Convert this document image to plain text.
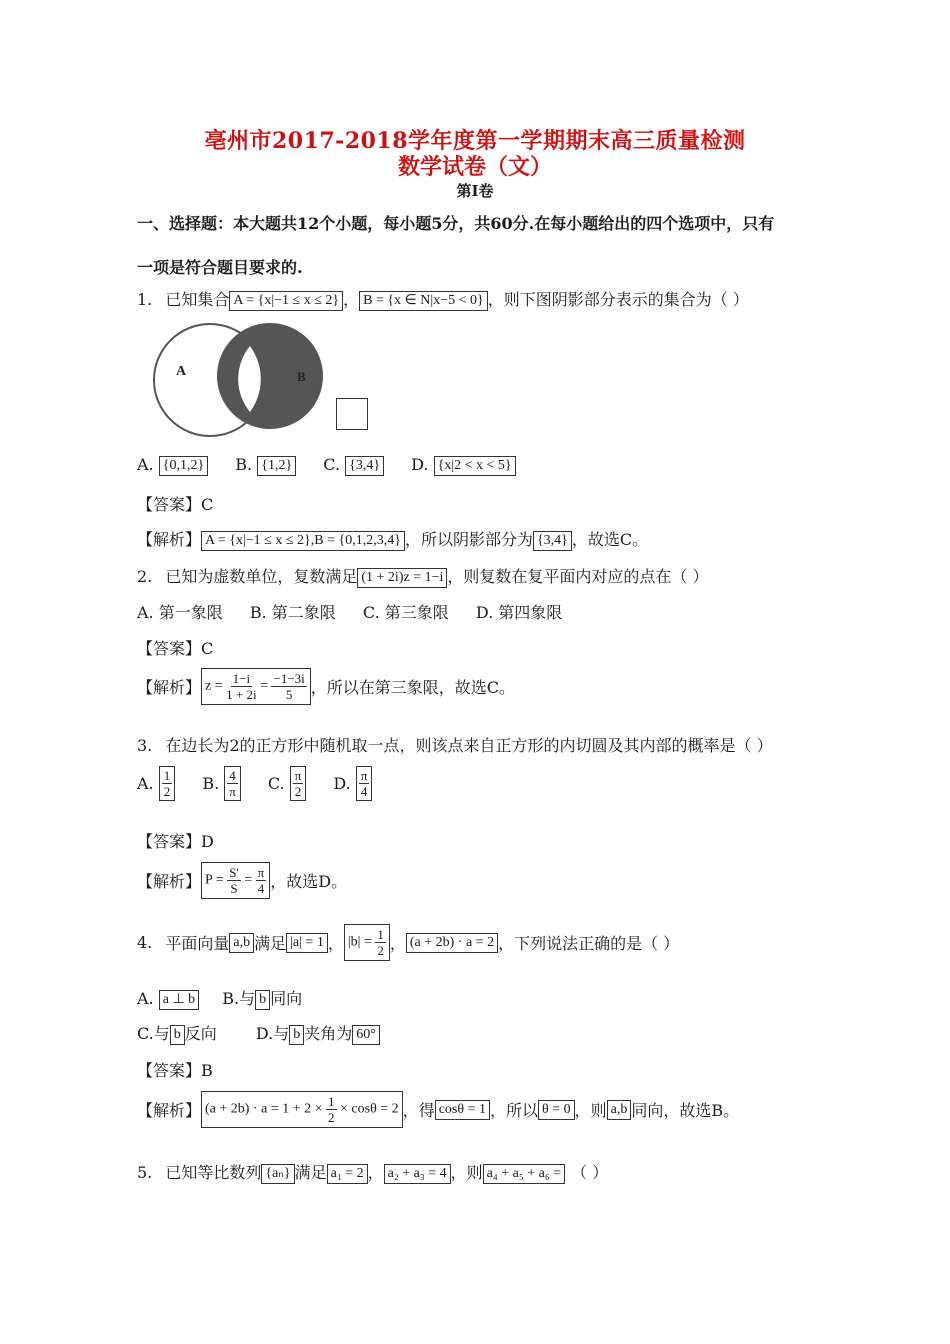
亳州市2017-2018学年度第一学期期末高三质量检测
数学试卷（文）
第I卷
一、选择题：本大题共12个小题，每小题5分，共60分.在每小题给出的四个选项中，只有
一项是符合题目要求的.
1. 已知集合 A = {x|−1 ≤ x ≤ 2} ， B = {x ∈ N|x−5 < 0} ，则下图阴影部分表示的集合为（ ）
A	B
A. {0,1,2} B. {1,2} C. {3,4} D. {x|2 < x < 5}
【答案】C
【解析】 A = {x|−1 ≤ x ≤ 2},B = {0,1,2,3,4} ，所以阴影部分为 {3,4} ，故选C。
2. 已知为虚数单位，复数满足 (1 + 2i)z = 1−i ，则复数在复平面内对应的点在（ ）
A. 第一象限 B. 第二象限 C. 第三象限 D. 第四象限
【答案】C
【解析】 $z = \frac{1-i}{1 + 2i} = \frac{-1-3i}{5}$ ，所以在第三象限，故选C。
3. 在边长为2的正方形中随机取一点，则该点来自正方形的内切圆及其内部的概率是（ ）
A. $\frac{1}{2} B$. $\frac{4}{\pi} C$. $\frac{\pi}{2} D$. $\frac{\pi}{4}$
【答案】D
【解析】 $P = \frac{S'}{S} = \frac{\pi}{4}$ ，故选D。
4. 平面向量 a,b 满足 |a| = 1 ， $|b| = \frac{1}{2}$ ， (a + 2b) · a = 2 ，下列说法正确的是（ ）
A. a ⊥ b B.与 b 同向
C.与 b 反向 D.与 b 夹角为 60°
【答案】B
【解析】 $(a + 2b) \cdot a = 1 + 2 \times \frac{1}{2} \times \cos\theta = 2$ ，得 cosθ = 1 ，所以 θ = 0 ，则 a,b 同向，故选B。
5. 已知等比数列 {aₙ} 满足 a₁ = 2 ， a₂ + a₃ = 4 ，则 a₄ + a₅ + a₆ = （ ）
